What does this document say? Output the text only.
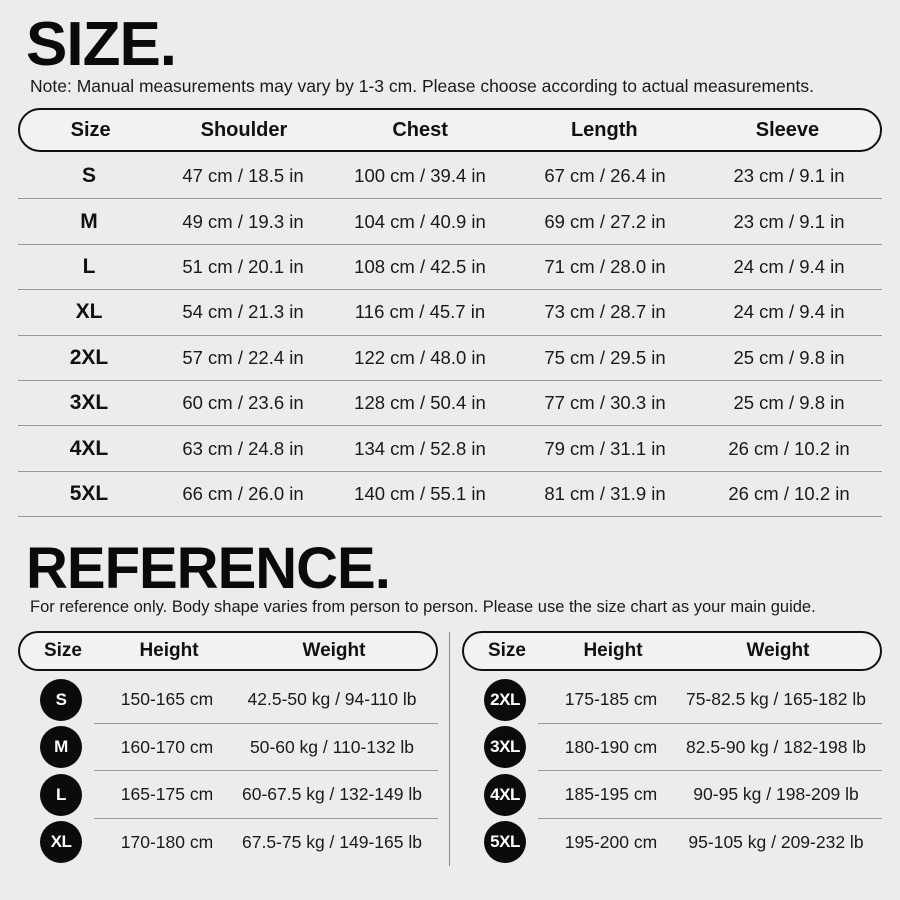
SIZE.
Note: Manual measurements may vary by 1-3 cm. Please choose according to actual measurements.
Size	Shoulder	Chest	Length	Sleeve
S	47 cm / 18.5 in	100 cm / 39.4 in	67 cm / 26.4 in	23 cm / 9.1 in
M	49 cm / 19.3 in	104 cm / 40.9 in	69 cm / 27.2 in	23 cm / 9.1 in
L	51 cm / 20.1 in	108 cm / 42.5 in	71 cm / 28.0 in	24 cm / 9.4 in
XL	54 cm / 21.3 in	116 cm / 45.7 in	73 cm / 28.7 in	24 cm / 9.4 in
2XL	57 cm / 22.4 in	122 cm / 48.0 in	75 cm / 29.5 in	25 cm / 9.8 in
3XL	60 cm / 23.6 in	128 cm / 50.4 in	77 cm / 30.3 in	25 cm / 9.8 in
4XL	63 cm / 24.8 in	134 cm / 52.8 in	79 cm / 31.1 in	26 cm / 10.2 in
5XL	66 cm / 26.0 in	140 cm / 55.1 in	81 cm / 31.9 in	26 cm / 10.2 in
REFERENCE.
For reference only. Body shape varies from person to person. Please use the size chart as your main guide.
Size	Height	Weight
S	150-165 cm	42.5-50 kg / 94-110 lb
M	160-170 cm	50-60 kg / 110-132 lb
L	165-175 cm	60-67.5 kg / 132-149 lb
XL	170-180 cm	67.5-75 kg / 149-165 lb
Size	Height	Weight
2XL	175-185 cm	75-82.5 kg / 165-182 lb
3XL	180-190 cm	82.5-90 kg / 182-198 lb
4XL	185-195 cm	90-95 kg / 198-209 lb
5XL	195-200 cm	95-105 kg / 209-232 lb
